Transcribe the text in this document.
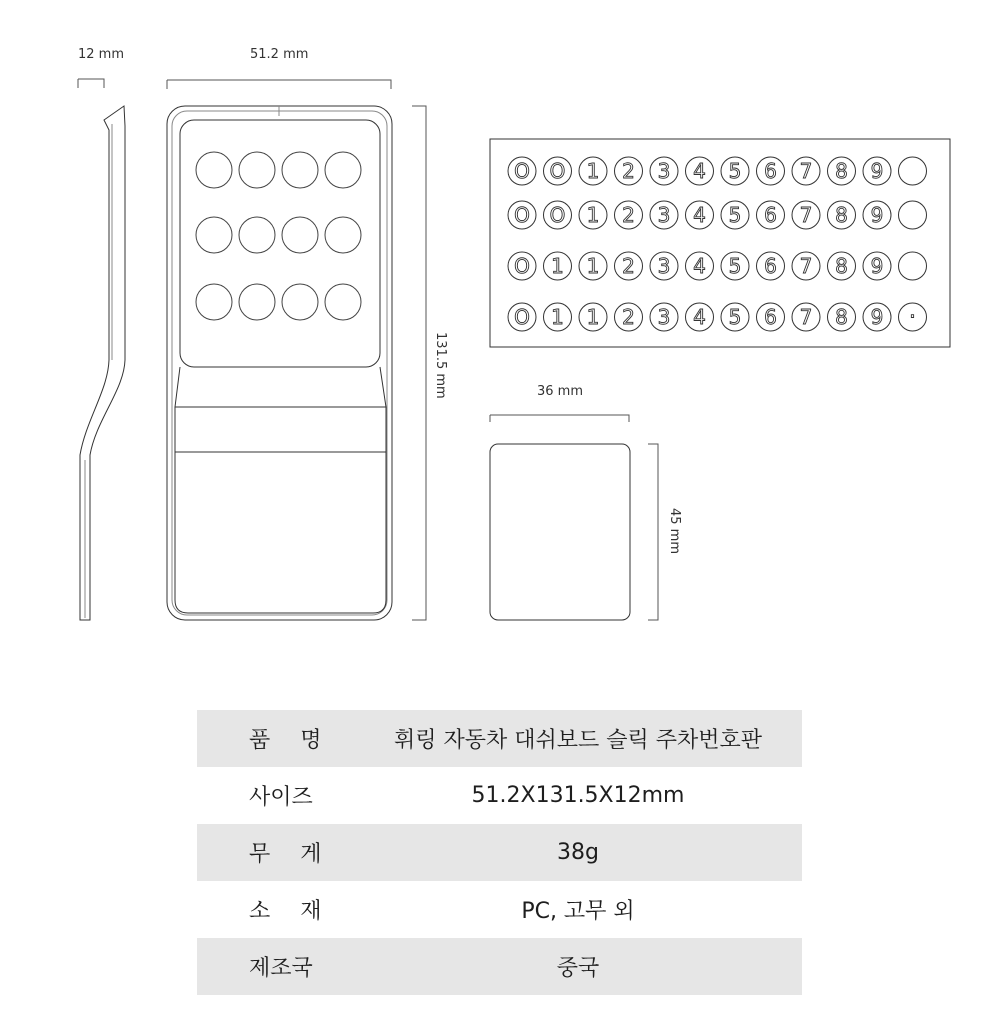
12 mm	51.2 mm
131.5 mm	36 mm
45 mm
O O 1 2 3 4 5 6 7 8 9
O O 1 2 3 4 5 6 7 8 9
O 1 1 2 3 4 5 6 7 8 9
O 1 1 2 3 4 5 6 7 8 9 ·
품 명	휘링 자동차 대쉬보드 슬릭 주차번호판
사이즈	51.2X131.5X12mm
무 게	38g
소 재	PC, 고무 외
제조국	중국
